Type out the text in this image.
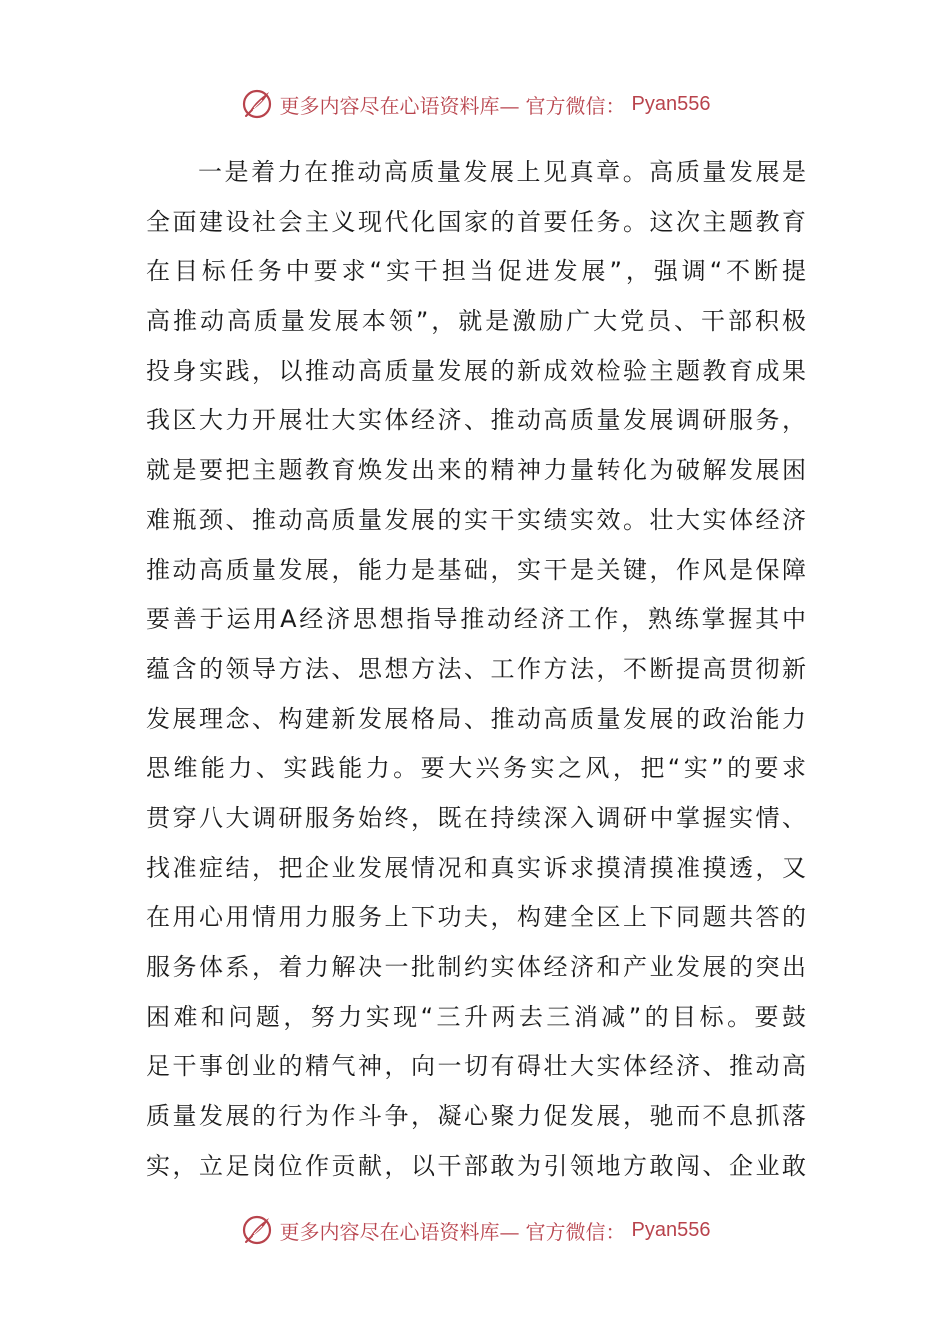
更多内容尽在心语资料库— 官方微信： Pyan556
一是着力在推动高质量发展上见真章。高质量发展是
全面建设社会主义现代化国家的首要任务。这次主题教育
在目标任务中要求“实干担当促进发展”，强调“不断提
高推动高质量发展本领”，就是激励广大党员、干部积极
投身实践，以推动高质量发展的新成效检验主题教育成果
我区大力开展壮大实体经济、推动高质量发展调研服务，
就是要把主题教育焕发出来的精神力量转化为破解发展困
难瓶颈、推动高质量发展的实干实绩实效。壮大实体经济
推动高质量发展，能力是基础，实干是关键，作风是保障
要善于运用A经济思想指导推动经济工作，熟练掌握其中
蕴含的领导方法、思想方法、工作方法，不断提高贯彻新
发展理念、构建新发展格局、推动高质量发展的政治能力
思维能力、实践能力。要大兴务实之风，把“实”的要求
贯穿八大调研服务始终，既在持续深入调研中掌握实情、
找准症结，把企业发展情况和真实诉求摸清摸准摸透，又
在用心用情用力服务上下功夫，构建全区上下同题共答的
服务体系，着力解决一批制约实体经济和产业发展的突出
困难和问题，努力实现“三升两去三消减”的目标。要鼓
足干事创业的精气神，向一切有碍壮大实体经济、推动高
质量发展的行为作斗争，凝心聚力促发展，驰而不息抓落
实，立足岗位作贡献，以干部敢为引领地方敢闯、企业敢
更多内容尽在心语资料库— 官方微信： Pyan556
